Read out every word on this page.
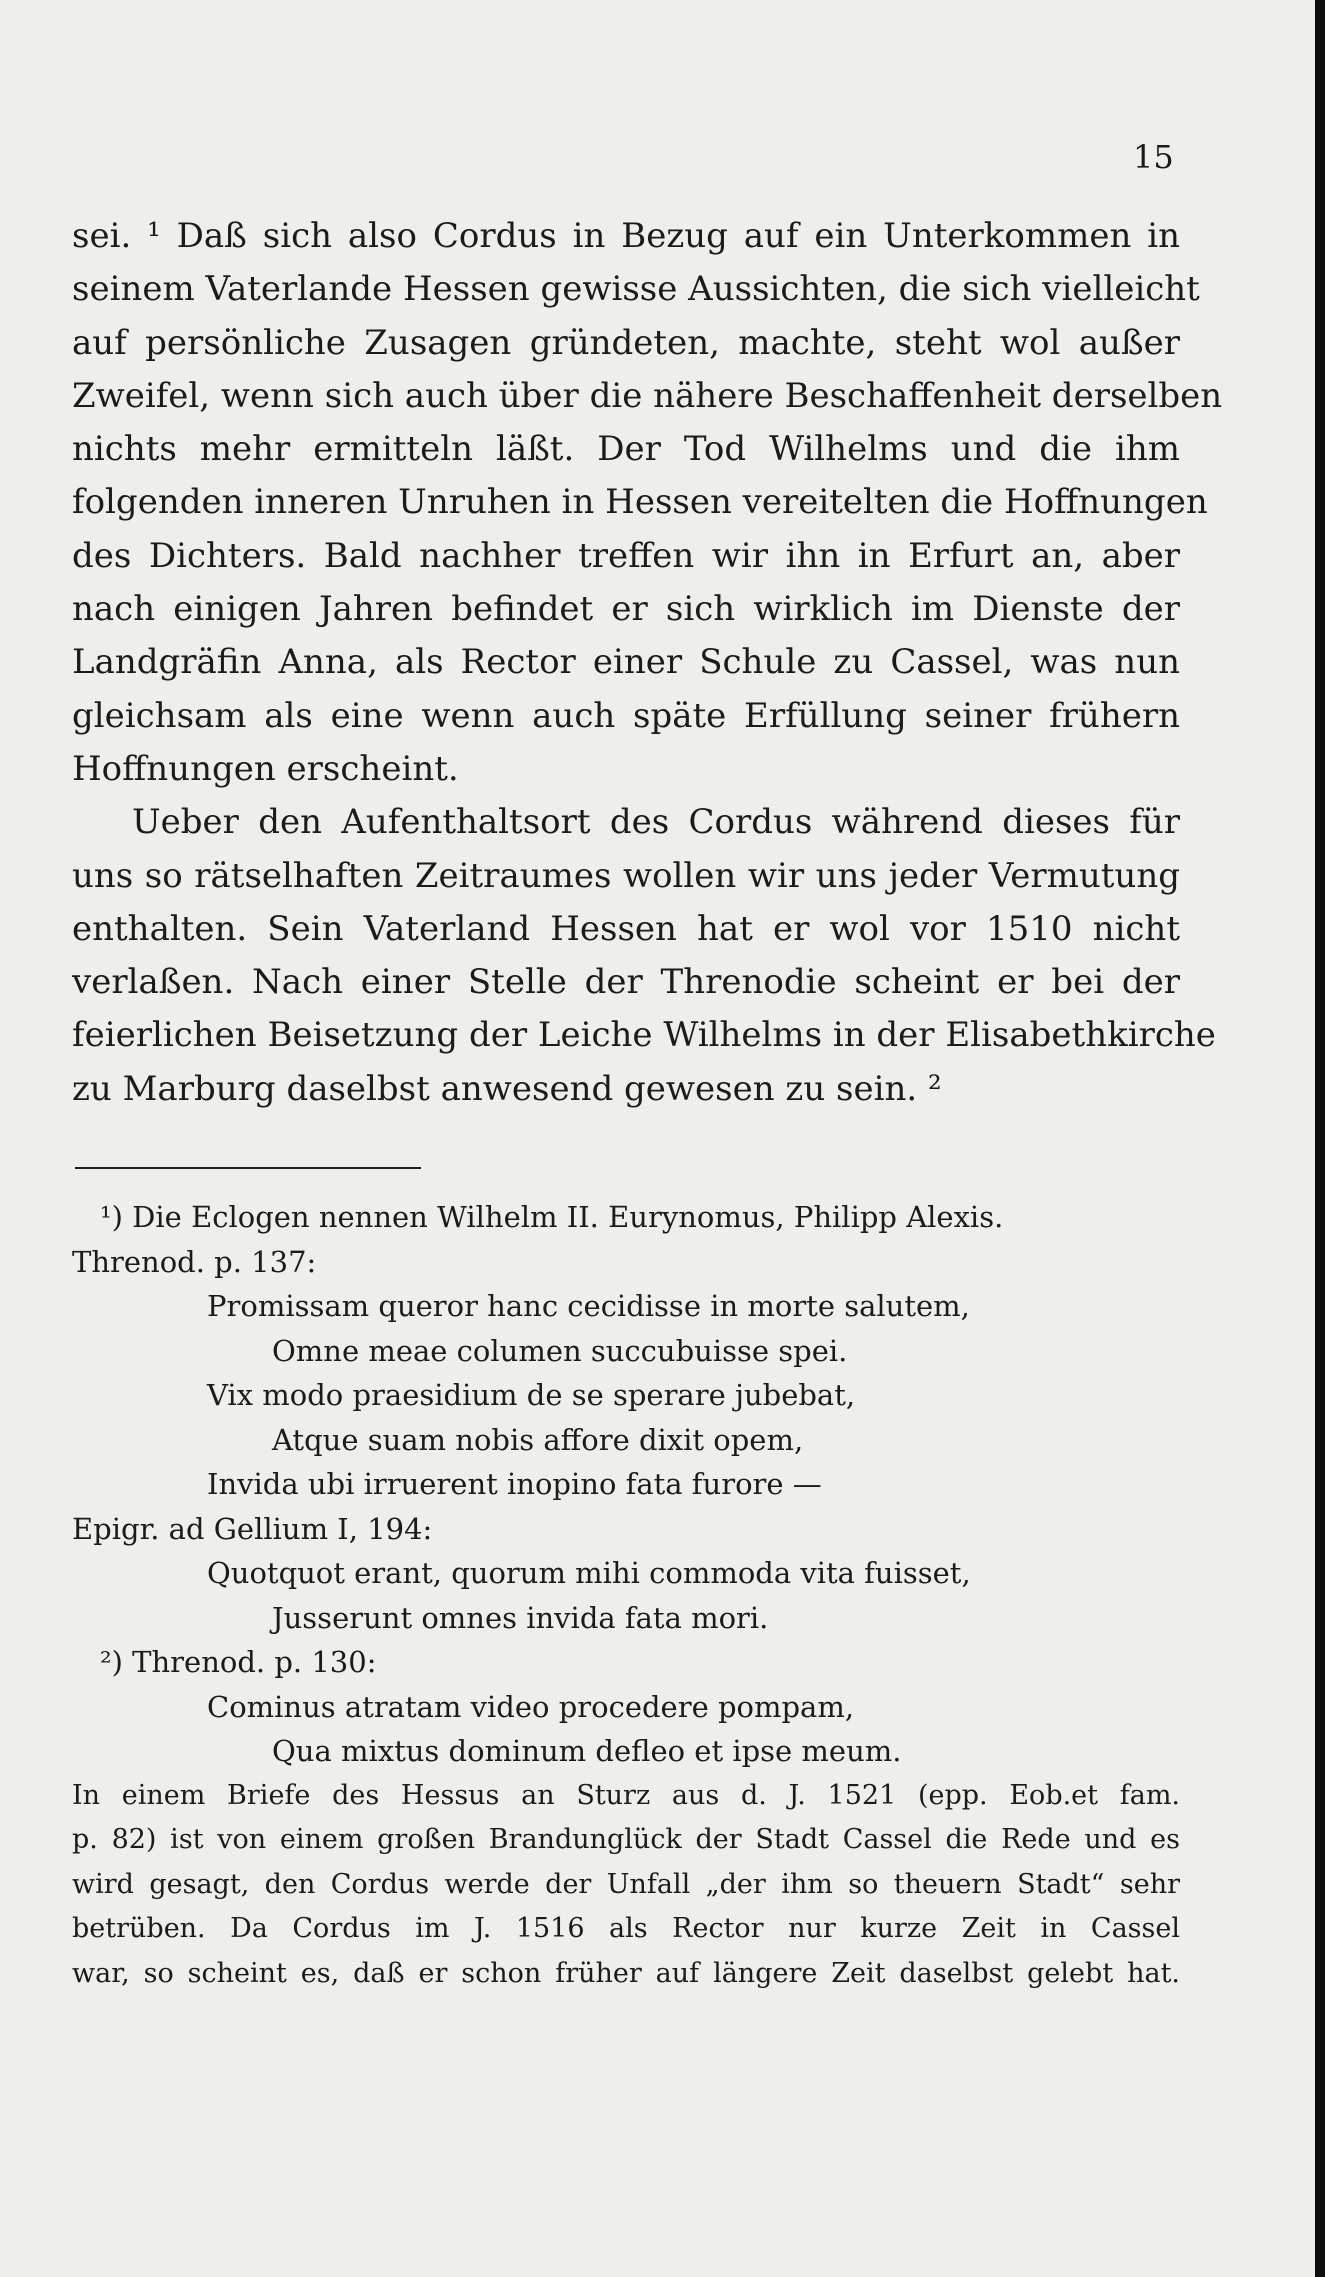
15

sei. ¹ Daß sich also Cordus in Bezug auf ein Unterkommen in
seinem Vaterlande Hessen gewisse Aussichten, die sich vielleicht
auf persönliche Zusagen gründeten, machte, steht wol außer
Zweifel, wenn sich auch über die nähere Beschaffenheit derselben
nichts mehr ermitteln läßt. Der Tod Wilhelms und die ihm
folgenden inneren Unruhen in Hessen vereitelten die Hoffnungen
des Dichters. Bald nachher treffen wir ihn in Erfurt an, aber
nach einigen Jahren befindet er sich wirklich im Dienste der
Landgräfin Anna, als Rector einer Schule zu Cassel, was nun
gleichsam als eine wenn auch späte Erfüllung seiner frühern
Hoffnungen erscheint.
Ueber den Aufenthaltsort des Cordus während dieses für
uns so rätselhaften Zeitraumes wollen wir uns jeder Vermutung
enthalten. Sein Vaterland Hessen hat er wol vor 1510 nicht
verlaßen. Nach einer Stelle der Threnodie scheint er bei der
feierlichen Beisetzung der Leiche Wilhelms in der Elisabethkirche
zu Marburg daselbst anwesend gewesen zu sein. ²
¹) Die Eclogen nennen Wilhelm II. Eurynomus, Philipp Alexis.
Threnod. p. 137:
Promissam queror hanc cecidisse in morte salutem,
Omne meae columen succubuisse spei.
Vix modo praesidium de se sperare jubebat,
Atque suam nobis affore dixit opem,
Invida ubi irruerent inopino fata furore —
Epigr. ad Gellium I, 194:
Quotquot erant, quorum mihi commoda vita fuisset,
Jusserunt omnes invida fata mori.
²) Threnod. p. 130:
Cominus atratam video procedere pompam,
Qua mixtus dominum defleo et ipse meum.
In einem Briefe des Hessus an Sturz aus d. J. 1521 (epp. Eob.et fam.
p. 82) ist von einem großen Brandunglück der Stadt Cassel die Rede und es
wird gesagt, den Cordus werde der Unfall „der ihm so theuern Stadt“ sehr
betrüben. Da Cordus im J. 1516 als Rector nur kurze Zeit in Cassel
war, so scheint es, daß er schon früher auf längere Zeit daselbst gelebt hat.
